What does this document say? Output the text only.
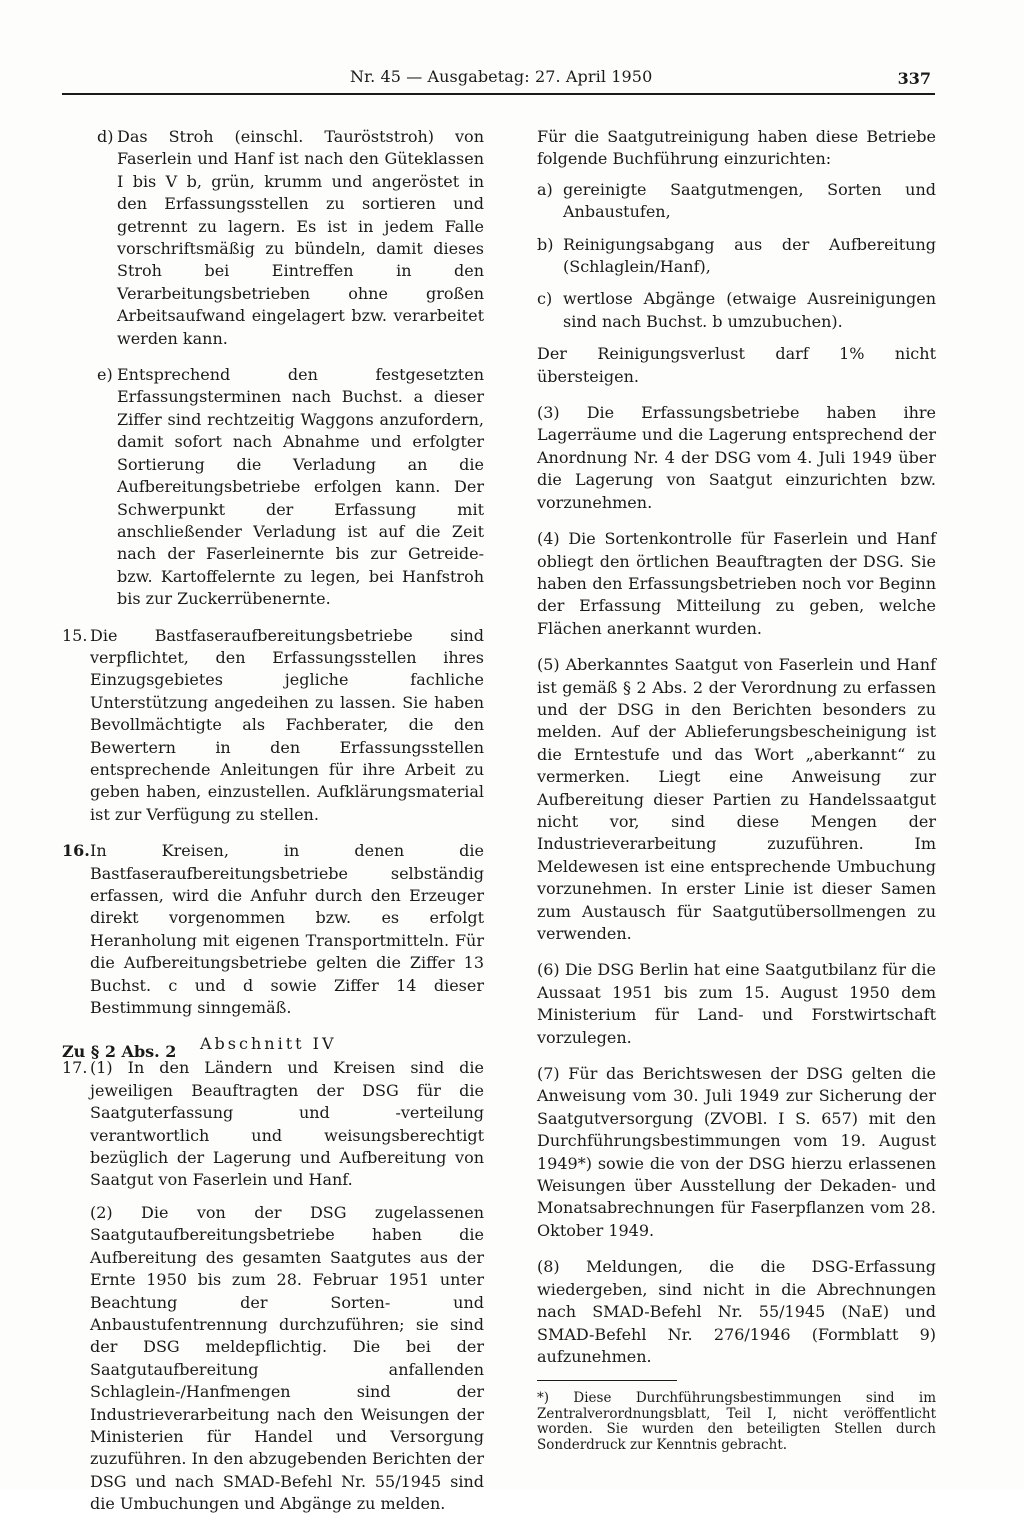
Nr. 45 — Ausgabetag: 27. April 1950	337
d) Das Stroh (einschl. Tauröststroh) von Faserlein und Hanf ist nach den Güteklassen I bis V b, grün, krumm und angeröstet in den Erfassungsstellen zu sortieren und getrennt zu lagern. Es ist in jedem Falle vorschriftsmäßig zu bündeln, damit dieses Stroh bei Eintreffen in den Verarbeitungsbetrieben ohne großen Arbeitsaufwand eingelagert bzw. verarbeitet werden kann.
e) Entsprechend den festgesetzten Erfassungsterminen nach Buchst. a dieser Ziffer sind rechtzeitig Waggons anzufordern, damit sofort nach Abnahme und erfolgter Sortierung die Verladung an die Aufbereitungsbetriebe erfolgen kann. Der Schwerpunkt der Erfassung mit anschließender Verladung ist auf die Zeit nach der Faserleinernte bis zur Getreide- bzw. Kartoffelernte zu legen, bei Hanfstroh bis zur Zuckerrübenernte.
15. Die Bastfaseraufbereitungsbetriebe sind verpflichtet, den Erfassungsstellen ihres Einzugsgebietes jegliche fachliche Unterstützung angedeihen zu lassen. Sie haben Bevollmächtigte als Fachberater, die den Bewertern in den Erfassungsstellen entsprechende Anleitungen für ihre Arbeit zu geben haben, einzustellen. Aufklärungsmaterial ist zur Verfügung zu stellen.
16. In Kreisen, in denen die Bastfaseraufbereitungsbetriebe selbständig erfassen, wird die Anfuhr durch den Erzeuger direkt vorgenommen bzw. es erfolgt Heranholung mit eigenen Transportmitteln. Für die Aufbereitungsbetriebe gelten die Ziffer 13 Buchst. c und d sowie Ziffer 14 dieser Bestimmung sinngemäß.
Zu § 2 Abs. 2 Abschnitt IV
17. (1) In den Ländern und Kreisen sind die jeweiligen Beauftragten der DSG für die Saatguterfassung und -verteilung verantwortlich und weisungsberechtigt bezüglich der Lagerung und Aufbereitung von Saatgut von Faserlein und Hanf.
(2) Die von der DSG zugelassenen Saatgutaufbereitungsbetriebe haben die Aufbereitung des gesamten Saatgutes aus der Ernte 1950 bis zum 28. Februar 1951 unter Beachtung der Sorten- und Anbaustufentrennung durchzuführen; sie sind der DSG meldepflichtig. Die bei der Saatgutaufbereitung anfallenden Schlaglein-/Hanfmengen sind der Industrieverarbeitung nach den Weisungen der Ministerien für Handel und Versorgung zuzuführen. In den abzugebenden Berichten der DSG und nach SMAD-Befehl Nr. 55/1945 sind die Umbuchungen und Abgänge zu melden.
Für die Saatgutreinigung haben diese Betriebe folgende Buchführung einzurichten:
a) gereinigte Saatgutmengen, Sorten und Anbaustufen,
b) Reinigungsabgang aus der Aufbereitung (Schlaglein/Hanf),
c) wertlose Abgänge (etwaige Ausreinigungen sind nach Buchst. b umzubuchen).
Der Reinigungsverlust darf 1% nicht übersteigen.
(3) Die Erfassungsbetriebe haben ihre Lagerräume und die Lagerung entsprechend der Anordnung Nr. 4 der DSG vom 4. Juli 1949 über die Lagerung von Saatgut einzurichten bzw. vorzunehmen.
(4) Die Sortenkontrolle für Faserlein und Hanf obliegt den örtlichen Beauftragten der DSG. Sie haben den Erfassungsbetrieben noch vor Beginn der Erfassung Mitteilung zu geben, welche Flächen anerkannt wurden.
(5) Aberkanntes Saatgut von Faserlein und Hanf ist gemäß § 2 Abs. 2 der Verordnung zu erfassen und der DSG in den Berichten besonders zu melden. Auf der Ablieferungsbescheinigung ist die Erntestufe und das Wort „aberkannt“ zu vermerken. Liegt eine Anweisung zur Aufbereitung dieser Partien zu Handelssaatgut nicht vor, sind diese Mengen der Industrieverarbeitung zuzuführen. Im Meldewesen ist eine entsprechende Umbuchung vorzunehmen. In erster Linie ist dieser Samen zum Austausch für Saatgutübersollmengen zu verwenden.
(6) Die DSG Berlin hat eine Saatgutbilanz für die Aussaat 1951 bis zum 15. August 1950 dem Ministerium für Land- und Forstwirtschaft vorzulegen.
(7) Für das Berichtswesen der DSG gelten die Anweisung vom 30. Juli 1949 zur Sicherung der Saatgutversorgung (ZVOBl. I S. 657) mit den Durchführungsbestimmungen vom 19. August 1949*) sowie die von der DSG hierzu erlassenen Weisungen über Ausstellung der Dekaden- und Monatsabrechnungen für Faserpflanzen vom 28. Oktober 1949.
(8) Meldungen, die die DSG-Erfassung wiedergeben, sind nicht in die Abrechnungen nach SMAD-Befehl Nr. 55/1945 (NaE) und SMAD-Befehl Nr. 276/1946 (Formblatt 9) aufzunehmen.
*) Diese Durchführungsbestimmungen sind im Zentralverordnungsblatt, Teil I, nicht veröffentlicht worden. Sie wurden den beteiligten Stellen durch Sonderdruck zur Kenntnis gebracht.
